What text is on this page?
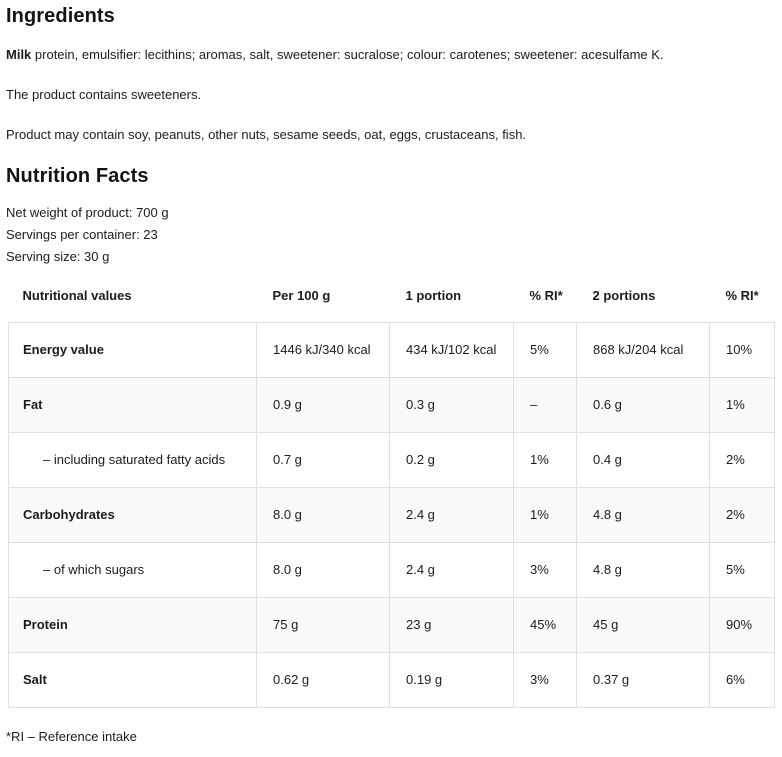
Ingredients

Milk protein, emulsifier: lecithins; aromas, salt, sweetener: sucralose; colour: carotenes; sweetener: acesulfame K.

The product contains sweeteners.

Product may contain soy, peanuts, other nuts, sesame seeds, oat, eggs, crustaceans, fish.

Nutrition Facts

Net weight of product: 700 g

Servings per container: 23

Serving size: 30 g

Nutritional values	Per 100 g	1 portion	% RI*	2 portions	% RI*
Energy value	1446 kJ/340 kcal	434 kJ/102 kcal	5%	868 kJ/204 kcal	10%
Fat	0.9 g	0.3 g	–	0.6 g	1%
– including saturated fatty acids	0.7 g	0.2 g	1%	0.4 g	2%
Carbohydrates	8.0 g	2.4 g	1%	4.8 g	2%
– of which sugars	8.0 g	2.4 g	3%	4.8 g	5%
Protein	75 g	23 g	45%	45 g	90%
Salt	0.62 g	0.19 g	3%	0.37 g	6%

*RI – Reference intake
